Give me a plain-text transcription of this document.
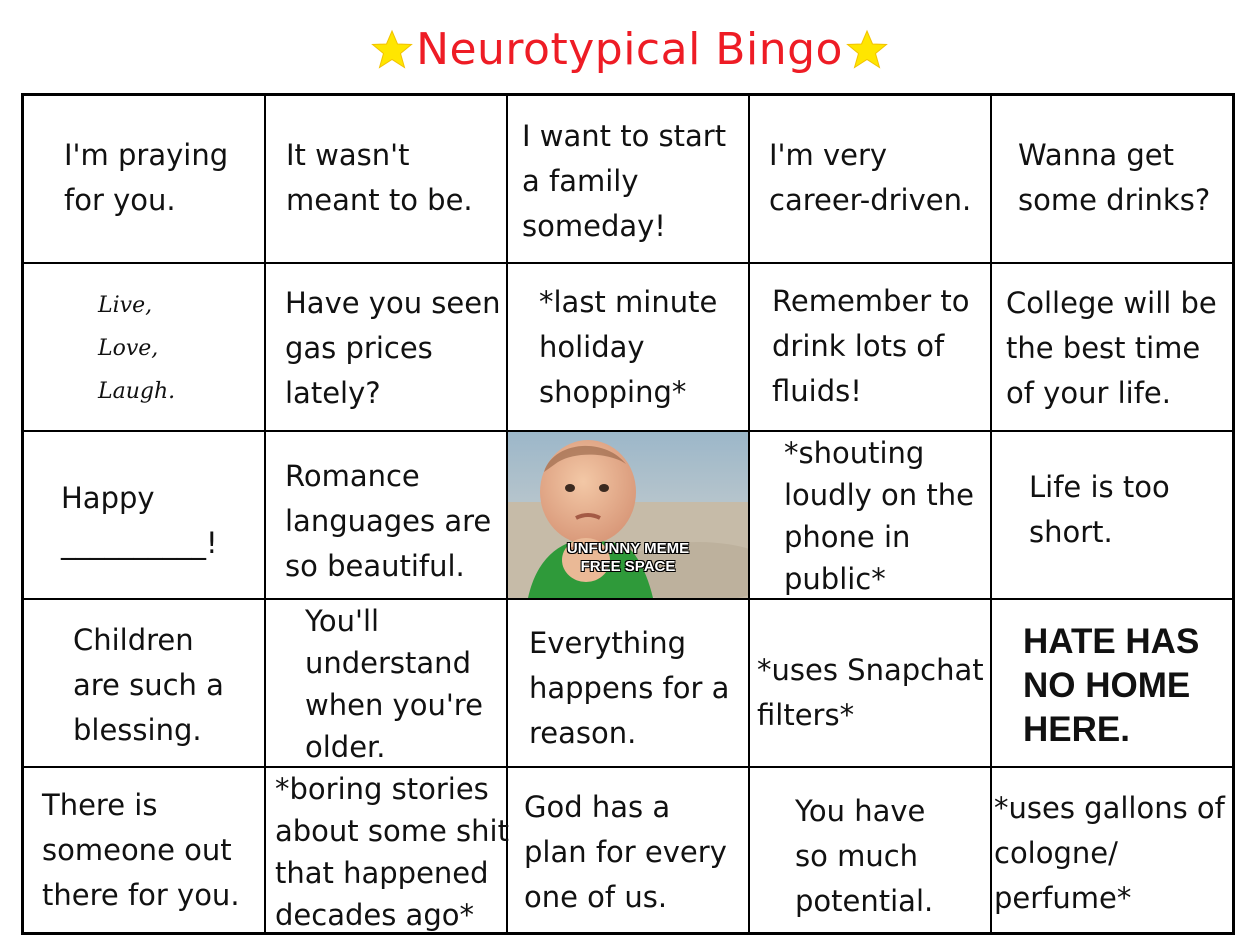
Neurotypical Bingo
I'm praying
for you.
It wasn't
meant to be.
I want to start
a family
someday!
I'm very
career-driven.
Wanna get
some drinks?
Live,
Love,
Laugh.
Have you seen
gas prices
lately?
*last minute
holiday
shopping*
Remember to
drink lots of
fluids!
College will be
the best time
of your life.
Happy
__________!
Romance
languages are
so beautiful.
UNFUNNY MEME
FREE SPACE
*shouting
loudly on the
phone in
public*
Life is too
short.
Children
are such a
blessing.
You'll
understand
when you're
older.
Everything
happens for a
reason.
*uses Snapchat
filters*
HATE HAS
NO HOME
HERE.
There is
someone out
there for you.
*boring stories
about some shit
that happened
decades ago*
God has a
plan for every
one of us.
You have
so much
potential.
*uses gallons of
cologne/
perfume*
